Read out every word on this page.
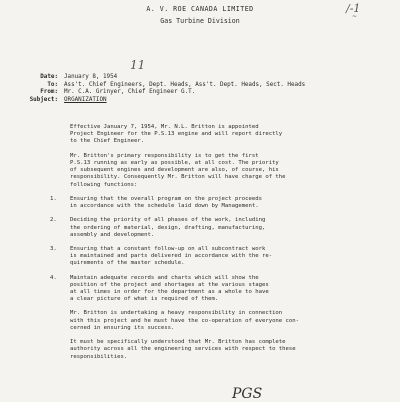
A. V. ROE CANADA LIMITED
Gas Turbine Division
/-1
~
11
Date: January 8, 1954
To: Ass't. Chief Engineers, Dept. Heads, Ass't. Dept. Heads, Sect. Heads
From: Mr. C.A. Grinyer, Chief Engineer G.T.
Subject: ORGANIZATION
Effective January 7, 1954, Mr. N.L. Britton is appointed
Project Engineer for the P.S.13 engine and will report directly
to the Chief Engineer.
Mr. Britton's primary responsibility is to get the first
P.S.13 running as early as possible, at all cost. The priority
of subsequent engines and development are also, of course, his
responsibility. Consequently Mr. Britton will have charge of the
following functions:
1.	Ensuring that the overall program on the project proceeds
in accordance with the schedule laid down by Management.
2.	Deciding the priority of all phases of the work, including
the ordering of material, design, drafting, manufacturing,
assembly and development.
3.	Ensuring that a constant follow-up on all subcontract work
is maintained and parts delivered in accordance with the re-
quirements of the master schedule.
4.	Maintain adequate records and charts which will show the
position of the project and shortages at the various stages
at all times in order for the department as a whole to have
a clear picture of what is required of them.
Mr. Britton is undertaking a heavy responsibility in connection
with this project and he must have the co-operation of everyone con-
cerned in ensuring its success.
It must be specifically understood that Mr. Britton has complete
authority across all the engineering services with respect to these
responsibilities.
PGS
